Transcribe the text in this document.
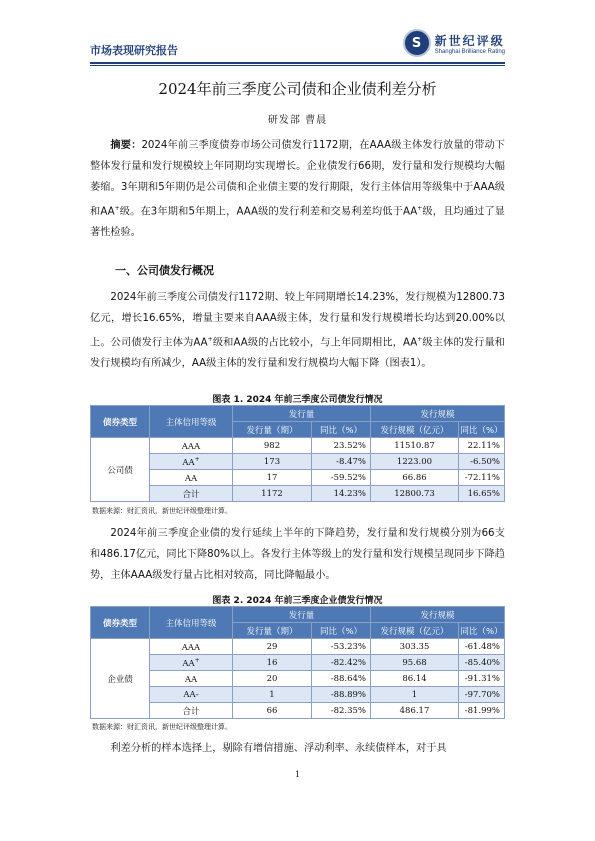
市场表现研究报告	S	新世纪评级
Shanghai Brilliance Rating
2024年前三季度公司债和企业债利差分析
研发部 曹晨
摘要：2024年前三季度债券市场公司债发行1172期，在AAA级主体发行放量的带动下整体发行量和发行规模较上年同期均实现增长。企业债发行66期，发行量和发行规模均大幅萎缩。3年期和5年期仍是公司债和企业债主要的发行期限，发行主体信用等级集中于AAA级和AA+级。在3年期和5年期上，AAA级的发行利差和交易利差均低于AA+级，且均通过了显著性检验。
一、公司债发行概况
2024年前三季度公司债发行1172期、较上年同期增长14.23%，发行规模为12800.73亿元，增长16.65%，增量主要来自AAA级主体，发行量和发行规模增长均达到20.00%以上。公司债发行主体为AA+级和AA级的占比较小，与上年同期相比，AA+级主体的发行量和发行规模均有所减少，AA级主体的发行量和发行规模均大幅下降（图表1）。
图表 1. 2024 年前三季度公司债发行情况
债券类型	主体信用等级	发行量		发行规模	
		发行量（期）	同比（%）	发行规模（亿元）	同比（%）
公司债	AAA	982	23.52%	11510.87	22.11%
	AA+	173	-8.47%	1223.00	-6.50%
	AA	17	-59.52%	66.86	-72.11%
	合计	1172	14.23%	12800.73	16.65%
数据来源：财汇资讯，新世纪评级整理计算。
2024年前三季度企业债的发行延续上半年的下降趋势，发行量和发行规模分别为66支和486.17亿元，同比下降80%以上。各发行主体等级上的发行量和发行规模呈现同步下降趋势，主体AAA级发行量占比相对较高，同比降幅最小。
图表 2. 2024 年前三季度企业债发行情况
债券类型	主体信用等级	发行量		发行规模	
		发行量（期）	同比（%）	发行规模（亿元）	同比（%）
企业债	AAA	29	-53.23%	303.35	-61.48%
	AA+	16	-82.42%	95.68	-85.40%
	AA	20	-88.64%	86.14	-91.31%
	AA-	1	-88.89%	1	-97.70%
	合计	66	-82.35%	486.17	-81.99%
数据来源：财汇资讯，新世纪评级整理计算。
利差分析的样本选择上，剔除有增信措施、浮动利率、永续债样本，对于具
1
